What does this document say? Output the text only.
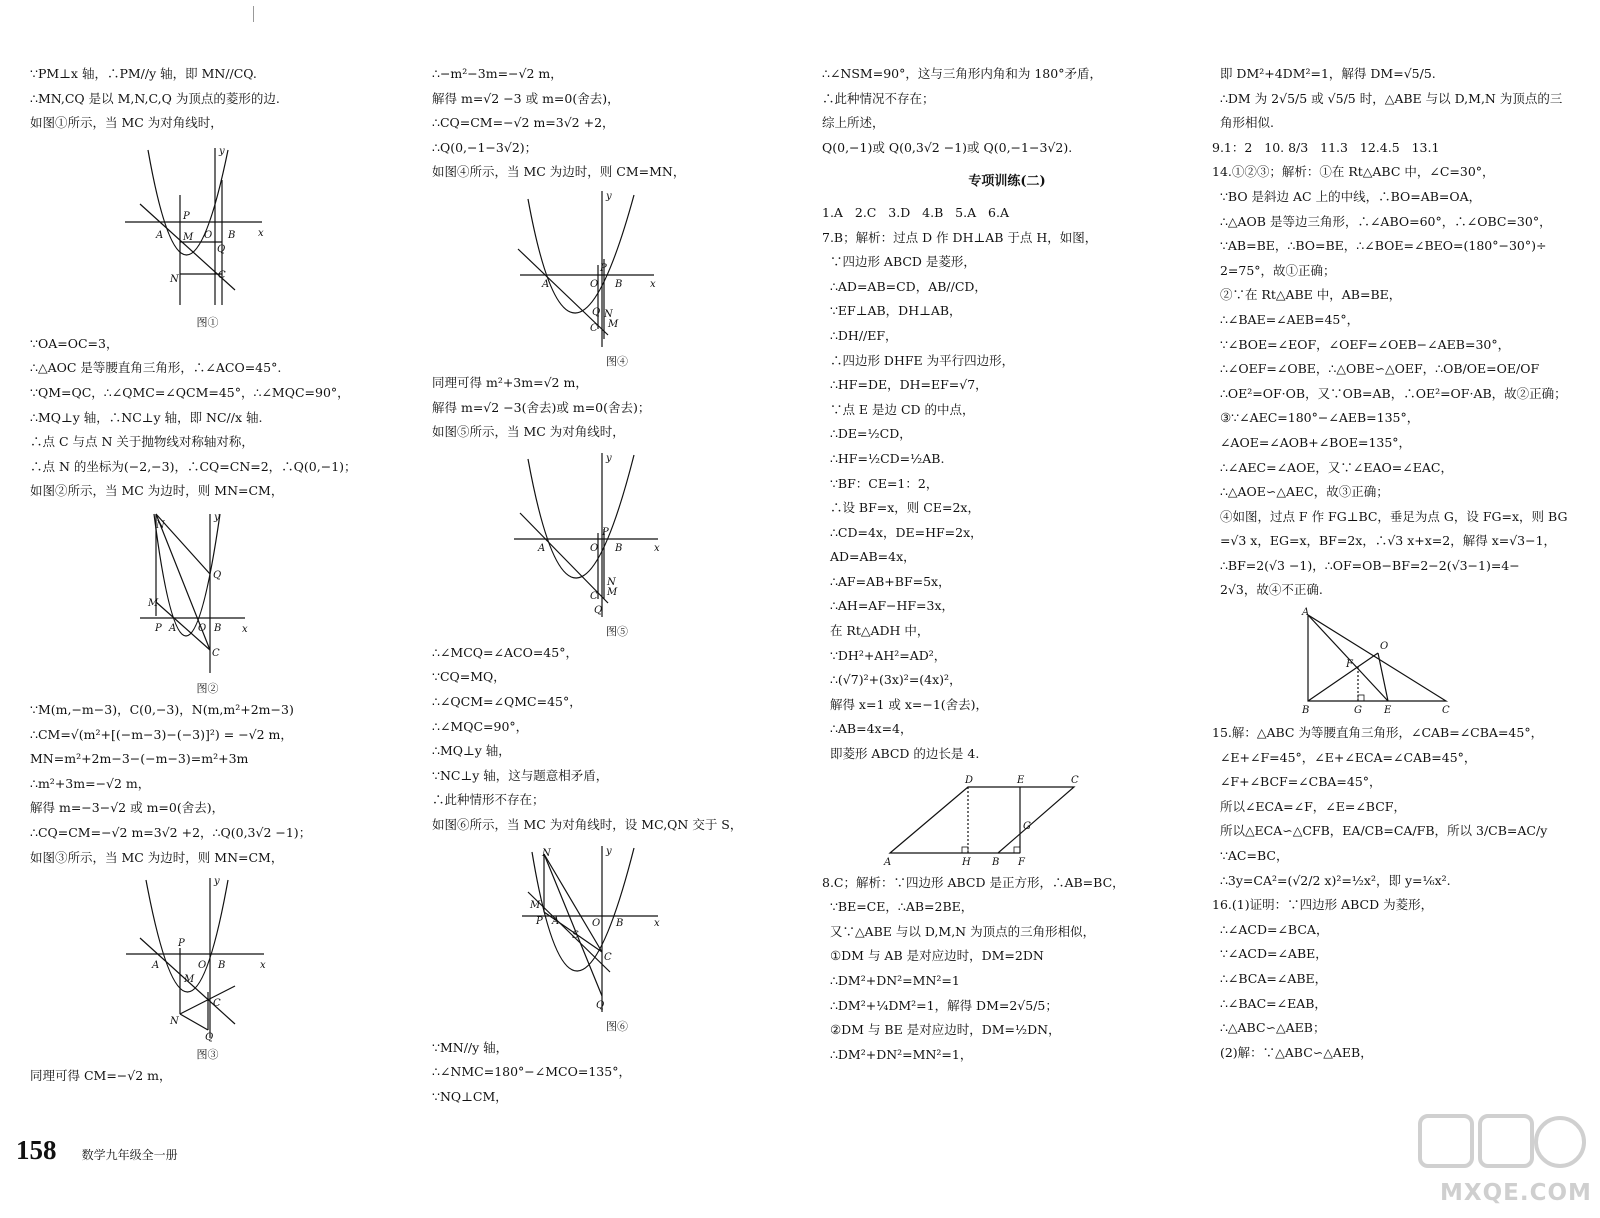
∵PM⊥x 轴，∴PM//y 轴，即 MN//CQ.

∴MN,CQ 是以 M,N,C,Q 为顶点的菱形的边.

如图①所示，当 MC 为对角线时，

A	B
P
M O
Q
N	C
x
y

图①

∵OA=OC=3，

∴△AOC 是等腰直角三角形，∴∠ACO=45°.

∵QM=QC，∴∠QMC=∠QCM=45°，∴∠MQC=90°，

∴MQ⊥y 轴，∴NC⊥y 轴，即 NC//x 轴.

∴点 C 与点 N 关于抛物线对称轴对称，

∴点 N 的坐标为(−2,−3)，∴CQ=CN=2，∴Q(0,−1)；

如图②所示，当 MC 为边时，则 MN=CM，

N
M
P A O B
Q
C
x
y

图②

∵M(m,−m−3)，C(0,−3)，N(m,m²+2m−3)

∴CM=√(m²+[(−m−3)−(−3)]²) = −√2 m，

MN=m²+2m−3−(−m−3)=m²+3m

∴m²+3m=−√2 m，

解得 m=−3−√2 或 m=0(舍去)，

∴CQ=CM=−√2 m=3√2 +2，∴Q(0,3√2 −1)；

如图③所示，当 MC 为边时，则 MN=CM，

A
P
M
O B
N
C
Q
x
y

图③

同理可得 CM=−√2 m，

∴−m²−3m=−√2 m，

解得 m=√2 −3 或 m=0(舍去)，

∴CQ=CM=−√2 m=3√2 +2，

∴Q(0,−1−3√2)；

如图④所示，当 MC 为边时，则 CM=MN，

A
P
O B
Q
C M
N
x
y

图④

同理可得 m²+3m=√2 m，

解得 m=√2 −3(舍去)或 m=0(舍去)；

如图⑤所示，当 MC 为对角线时，

A
P
O B
N
M
C
Q
x
y

图⑤

∴∠MCQ=∠ACO=45°，

∵CQ=MQ，

∴∠QCM=∠QMC=45°，

∴∠MQC=90°，

∴MQ⊥y 轴，

∵NC⊥y 轴，这与题意相矛盾，

∴此种情形不存在；

如图⑥所示，当 MC 为对角线时，设 MC,QN 交于 S，

N
M
P A
S
O B
C
Q
x
y

图⑥

∵MN//y 轴，

∴∠NMC=180°−∠MCO=135°，

∵NQ⊥CM，

∴∠NSM=90°，这与三角形内角和为 180°矛盾，

∴此种情况不存在；

综上所述，

Q(0,−1)或 Q(0,3√2 −1)或 Q(0,−1−3√2).

专项训练(二)

1.A   2.C   3.D   4.B   5.A   6.A

7.B；解析：过点 D 作 DH⊥AB 于点 H，如图，

∵四边形 ABCD 是菱形，

∴AD=AB=CD，AB//CD，

∵EF⊥AB，DH⊥AB，

∴DH//EF，

∴四边形 DHFE 为平行四边形，

∴HF=DE，DH=EF=√7，

∵点 E 是边 CD 的中点，

∴DE=½CD，

∴HF=½CD=½AB.

∵BF：CE=1：2，

∴设 BF=x，则 CE=2x，

∴CD=4x，DE=HF=2x，

AD=AB=4x，

∴AF=AB+BF=5x，

∴AH=AF−HF=3x，

在 Rt△ADH 中，

∵DH²+AH²=AD²，

∴(√7)²+(3x)²=(4x)²，

解得 x=1 或 x=−1(舍去)，

∴AB=4x=4，

即菱形 ABCD 的边长是 4.

A	H B F
D	E	C
G

8.C；解析：∵四边形 ABCD 是正方形，∴AB=BC，

∵BE=CE，∴AB=2BE，

又∵△ABE 与以 D,M,N 为顶点的三角形相似，

①DM 与 AB 是对应边时，DM=2DN

∴DM²+DN²=MN²=1

∴DM²+¼DM²=1，解得 DM=2√5/5；

②DM 与 BE 是对应边时，DM=½DN，

∴DM²+DN²=MN²=1，

即 DM²+4DM²=1，解得 DM=√5/5.

∴DM 为 2√5/5 或 √5/5 时，△ABE 与以 D,M,N 为顶点的三

角形相似.

9.1：2   10. 8/3   11.3   12.4.5   13.1

14.①②③；解析：①在 Rt△ABC 中，∠C=30°，

∵BO 是斜边 AC 上的中线，∴BO=AB=OA，

∴△AOB 是等边三角形，∴∠ABO=60°，∴∠OBC=30°，

∵AB=BE，∴BO=BE，∴∠BOE=∠BEO=(180°−30°)÷

2=75°，故①正确；

②∵在 Rt△ABE 中，AB=BE，

∴∠BAE=∠AEB=45°，

∵∠BOE=∠EOF，∠OEF=∠OEB−∠AEB=30°，

∴∠OEF=∠OBE，∴△OBE∽△OEF，∴OB/OE=OE/OF

∴OE²=OF·OB，又∵OB=AB，∴OE²=OF·AB，故②正确；

③∵∠AEC=180°−∠AEB=135°，

∠AOE=∠AOB+∠BOE=135°，

∴∠AEC=∠AOE，又∵∠EAO=∠EAC，

∴△AOE∽△AEC，故③正确；

④如图，过点 F 作 FG⊥BC，垂足为点 G，设 FG=x，则 BG

=√3 x，EG=x，BF=2x，∴√3 x+x=2，解得 x=√3−1，

∴BF=2(√3 −1)，∴OF=OB−BF=2−2(√3−1)=4−

2√3，故④不正确.

A
B	G E	C
O
F

15.解：△ABC 为等腰直角三角形，∠CAB=∠CBA=45°，

∠E+∠F=45°，∠E+∠ECA=∠CAB=45°，

∠F+∠BCF=∠CBA=45°，

所以∠ECA=∠F，∠E=∠BCF，

所以△ECA∽△CFB，EA/CB=CA/FB，所以 3/CB=AC/y

∵AC=BC，

∴3y=CA²=(√2/2 x)²=½x²，即 y=⅙x².

16.(1)证明：∵四边形 ABCD 为菱形，

∴∠ACD=∠BCA，

∵∠ACD=∠ABE，

∴∠BCA=∠ABE，

∴∠BAC=∠EAB，

∴△ABC∽△AEB；

(2)解：∵△ABC∽△AEB，

158 数学九年级全一册
MXQE.COM
